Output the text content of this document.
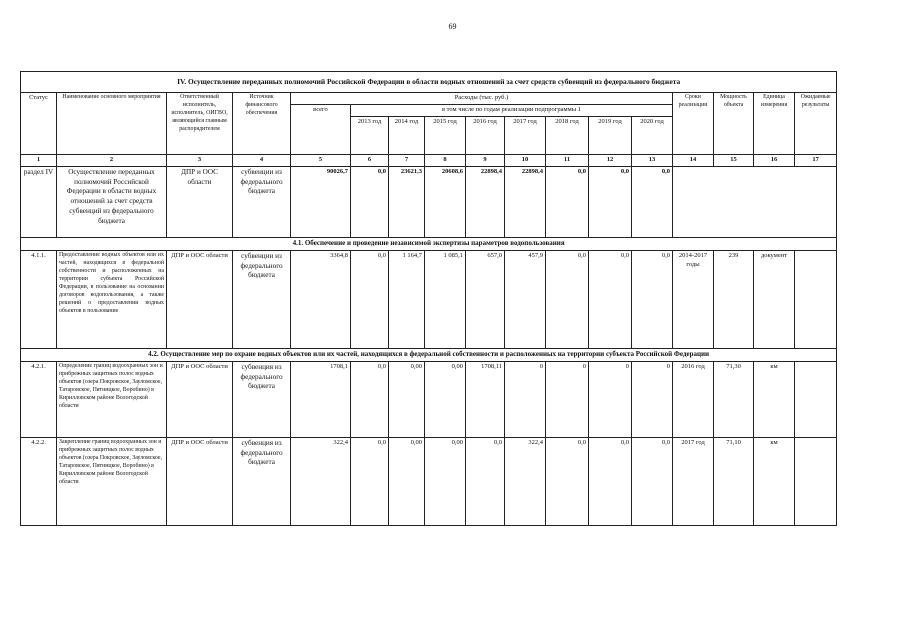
69
IV. Осуществление переданных полномочий Российской Федерации в области водных отношений за счет средств субвенций из федерального бюджета																
Статус	Наименование основного мероприятия	Ответственный исполнитель, исполнитель, ОИГВО, являющийся главным распорядителем	Источник финансового обеспечения	Расходы (тыс. руб.)									Сроки реализации	Мощность объекта	Единица измерения	Ожидаемые результаты
				всего	в том числе по годам реализации подпрограммы 1											
					2013 год	2014 год	2015 год	2016 год	2017 год	2018 год	2019 год	2020 год				
1	2	3	4	5	6	7	8	9	10	11	12	13	14	15	16	17
раздел IV	Осуществление переданных полномочий Российской Федерации в области водных отношений за счет средств субвенций из федерального бюджета	ДПР и ООС области	субвенции из федерального бюджета	90026,7	0,0	23621,3	20608,6	22898,4	22898,4	0,0	0,0	0,0				
4.1. Обеспечение и проведение независимой экспертизы параметров водопользования																
4.1.1.	Предоставление водных объектов или их частей, находящихся в федеральной собственности и расположенных на территории субъекта Российской Федерации, в пользование на основании договоров водопользования, а также решений о предоставлении водных объектов в пользование	ДПР и ООС области	субвенции из федерального бюджета	3364,8	0,0	1 164,7	1 085,1	657,0	457,9	0,0	0,0	0,0	2014-2017 годы	239	документ	
4.2. Осуществление мер по охране водных объектов или их частей, находящихся в федеральной собственности и расположенных на территории субъекта Российской Федерации																
4.2.1.	Определение границ водоохранных зон и прибрежных защитных полос водных объектов (озера Покровское, Зауломское, Татаровское, Пятницкое, Воробино) в Кирилловском районе Вологодской области	ДПР и ООС области	субвенция из федерального бюджета	1708,1	0,0	0,00	0,00	1708,11	0	0	0	0	2016 год	71,30	км	
4.2.2.	Закрепление границ водоохранных зон и прибрежных защитных полос водных объектов (озера Покровское, Зауломское, Татаровское, Пятницкое, Воробино) в Кирилловском районе Вологодской области	ДПР и ООС области	субвенция из федерального бюджета	322,4	0,0	0,00	0,00	0,0	322,4	0,0	0,0	0,0	2017 год	71,10	км	
